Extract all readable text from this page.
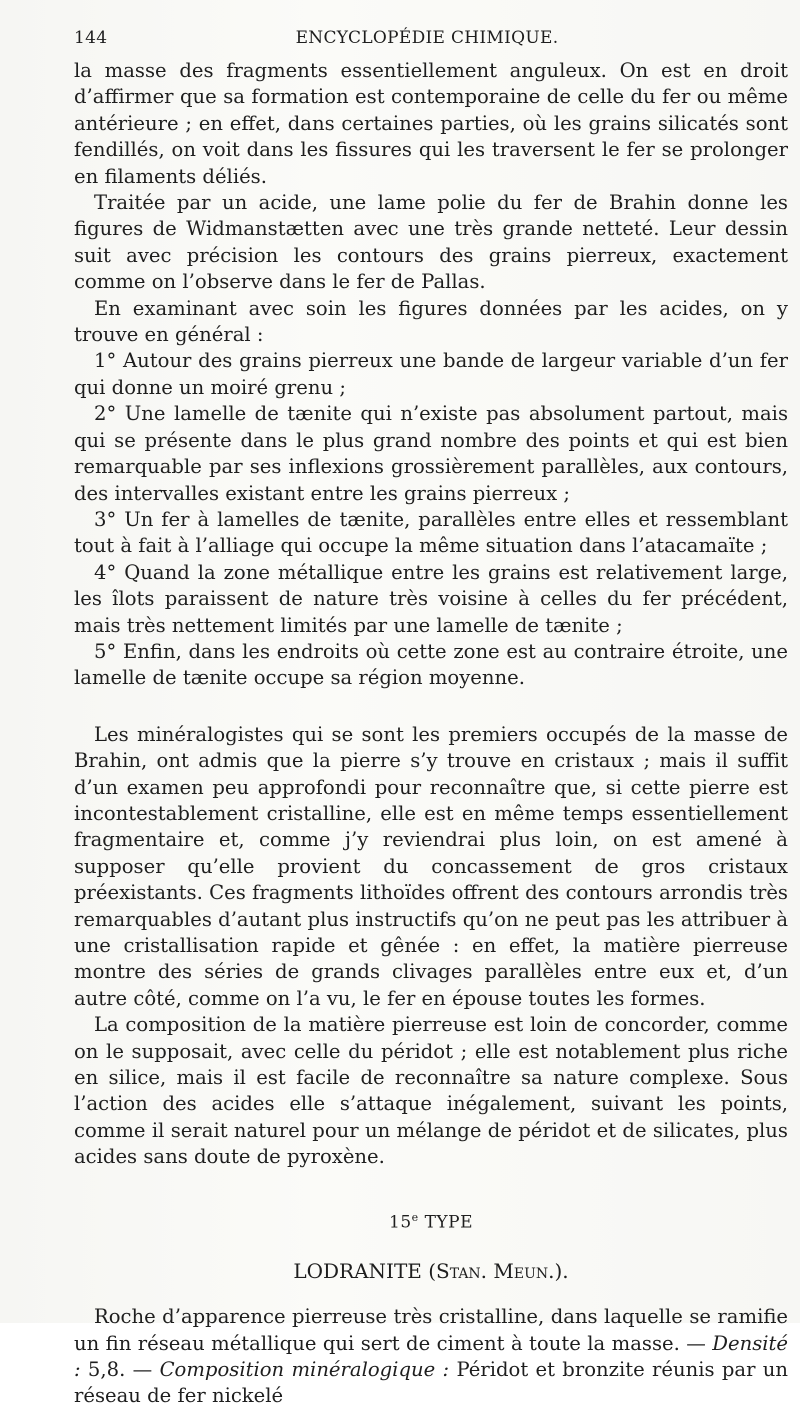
144	ENCYCLOPÉDIE CHIMIQUE.

la masse des fragments essentiellement anguleux. On est en droit d’affirmer que sa formation est contemporaine de celle du fer ou même antérieure ; en effet, dans certaines parties, où les grains silicatés sont fendillés, on voit dans les fissures qui les traversent le fer se prolonger en filaments déliés.

Traitée par un acide, une lame polie du fer de Brahin donne les figures de Widmanstætten avec une très grande netteté. Leur dessin suit avec précision les contours des grains pierreux, exactement comme on l’observe dans le fer de Pallas.

En examinant avec soin les figures données par les acides, on y trouve en général :

1° Autour des grains pierreux une bande de largeur variable d’un fer qui donne un moiré grenu ;

2° Une lamelle de tænite qui n’existe pas absolument partout, mais qui se présente dans le plus grand nombre des points et qui est bien remarquable par ses inflexions grossièrement parallèles, aux contours, des intervalles existant entre les grains pierreux ;

3° Un fer à lamelles de tænite, parallèles entre elles et ressemblant tout à fait à l’alliage qui occupe la même situation dans l’atacamaïte ;

4° Quand la zone métallique entre les grains est relativement large, les îlots paraissent de nature très voisine à celles du fer précédent, mais très nettement limités par une lamelle de tænite ;

5° Enfin, dans les endroits où cette zone est au contraire étroite, une lamelle de tænite occupe sa région moyenne.

Les minéralogistes qui se sont les premiers occupés de la masse de Brahin, ont admis que la pierre s’y trouve en cristaux ; mais il suffit d’un examen peu approfondi pour reconnaître que, si cette pierre est incontestablement cristalline, elle est en même temps essentiellement fragmentaire et, comme j’y reviendrai plus loin, on est amené à supposer qu’elle provient du concassement de gros cristaux préexistants. Ces fragments lithoïdes offrent des contours arrondis très remarquables d’autant plus instructifs qu’on ne peut pas les attribuer à une cristallisation rapide et gênée : en effet, la matière pierreuse montre des séries de grands clivages parallèles entre eux et, d’un autre côté, comme on l’a vu, le fer en épouse toutes les formes.

La composition de la matière pierreuse est loin de concorder, comme on le supposait, avec celle du péridot ; elle est notablement plus riche en silice, mais il est facile de reconnaître sa nature complexe. Sous l’action des acides elle s’attaque inégalement, suivant les points, comme il serait naturel pour un mélange de péridot et de silicates, plus acides sans doute de pyroxène.

15e TYPE

LODRANITE (Stan. Meun.).

Roche d’apparence pierreuse très cristalline, dans laquelle se ramifie un fin réseau métallique qui sert de ciment à toute la masse. — Densité : 5,8. — Composition minéralogique : Péridot et bronzite réunis par un réseau de fer nickelé
